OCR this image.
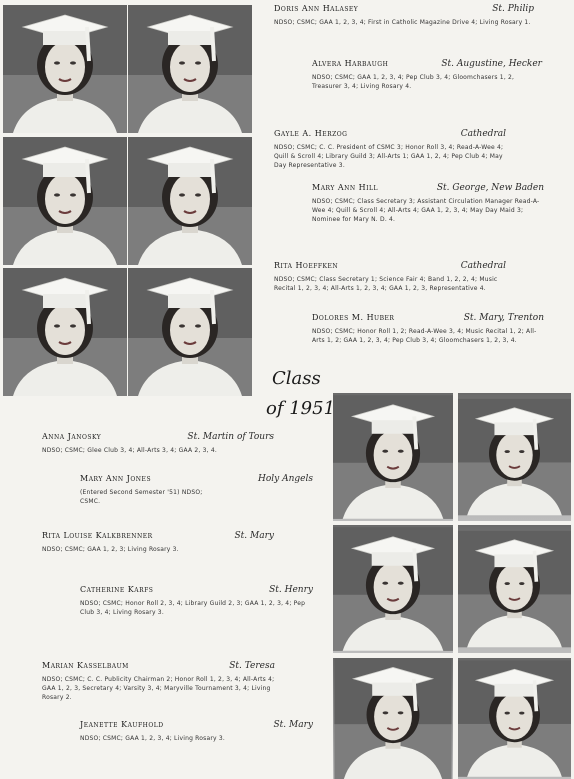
Doris Ann Halasey	St. Philip
NDSO; CSMC; GAA 1, 2, 3, 4; First in Catholic Magazine Drive 4; Living Rosary 1.
Alvera Harbaugh	St. Augustine, Hecker
NDSO; CSMC; GAA 1, 2, 3, 4; Pep Club 3, 4; Gloomchasers 1, 2, Treasurer 3, 4; Living Rosary 4.
Gayle A. Herzog	Cathedral
NDSO; CSMC; C. C. President of CSMC 3; Honor Roll 3, 4; Read-A-Wee 4; Quill & Scroll 4; Library Guild 3; All-Arts 1; GAA 1, 2, 4; Pep Club 4; May Day Representative 3.
Mary Ann Hill	St. George, New Baden
NDSO; CSMC; Class Secretary 3; Assistant Circulation Manager Read-A-Wee 4; Quill & Scroll 4; All-Arts 4; GAA 1, 2, 3, 4; May Day Maid 3; Nominee for Mary N. D. 4.
Rita Hoeffken	Cathedral
NDSO; CSMC; Class Secretary 1; Science Fair 4; Band 1, 2, 2, 4; Music Recital 1, 2, 3, 4; All-Arts 1, 2, 3, 4; GAA 1, 2, 3, Representative 4.
Dolores M. Huber	St. Mary, Trenton
NDSO; CSMC; Honor Roll 1, 2; Read-A-Wee 3, 4; Music Recital 1, 2; All-Arts 1, 2; GAA 1, 2, 3, 4; Pep Club 3, 4; Gloomchasers 1, 2, 3, 4.
Class
of 1951
Anna Janosky	St. Martin of Tours
NDSO; CSMC; Glee Club 3, 4; All-Arts 3, 4; GAA 2, 3, 4.
Mary Ann Jones	Holy Angels
(Entered Second Semester '51) NDSO; CSMC.
Rita Louise Kalkbrenner	St. Mary
NDSO; CSMC; GAA 1, 2, 3; Living Rosary 3.
Catherine Karfs	St. Henry
NDSO; CSMC; Honor Roll 2, 3, 4; Library Guild 2, 3; GAA 1, 2, 3, 4; Pep Club 3, 4; Living Rosary 3.
Marian Kasselbaum	St. Teresa
NDSO; CSMC; C. C. Publicity Chairman 2; Honor Roll 1, 2, 3, 4; All-Arts 4; GAA 1, 2, 3, Secretary 4; Varsity 3, 4; Maryville Tournament 3, 4; Living Rosary 2.
Jeanette Kaufhold	St. Mary
NDSO; CSMC; GAA 1, 2, 3, 4; Living Rosary 3.
